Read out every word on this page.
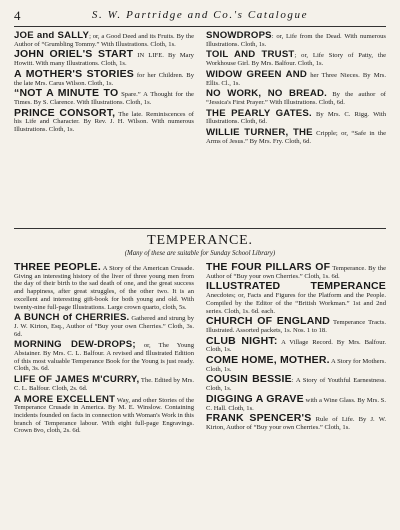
4	S. W. Partridge and Co.'s Catalogue
JOE and SALLY; or, a Good Deed and its Fruits. By the Author of “Grumbling Tommy.” With Illustrations. Cloth, 1s.
JOHN ORIEL'S START IN LIFE. By Mary Howitt. With many Illustrations. Cloth, 1s.
A MOTHER'S STORIES for her Children. By the late Mrs. Carus Wilson. Cloth, 1s.
“NOT A MINUTE TO Spare.” A Thought for the Times. By S. Clarence. With Illustrations. Cloth, 1s.
PRINCE CONSORT, The late. Reminiscences of his Life and Character. By Rev. J. H. Wilson. With numerous Illustrations. Cloth, 1s.
SNOWDROPS: or, Life from the Dead. With numerous Illustrations. Cloth, 1s.
TOIL AND TRUST; or, Life Story of Patty, the Workhouse Girl. By Mrs. Balfour. Cloth, 1s.
WIDOW GREEN AND her Three Nieces. By Mrs. Ellis. Cl., 1s.
NO WORK, NO BREAD. By the author of “Jessica's First Prayer.” With Illustrations. Cloth, 6d.
THE PEARLY GATES. By Mrs. C. Rigg. With Illustrations. Cloth, 6d.
WILLIE TURNER, THE Cripple; or, “Safe in the Arms of Jesus.” By Mrs. Fry. Cloth, 6d.
TEMPERANCE.
(Many of these are suitable for Sunday School Library)
THREE PEOPLE. A Story of the American Crusade. Giving an interesting history of the liver of three young men from the day of their birth to the sad death of one, and the great success and happiness, after great struggles, of the other two. It is an excellent and interesting gift-book for both young and old. With twenty-nine full-page Illustrations. Large crown quarto, cloth, 5s.
A BUNCH of CHERRIES. Gathered and strung by J. W. Kirton, Esq., Author of “Buy your own Cherries.” Cloth, 3s. 6d.
MORNING DEW-DROPS; or, The Young Abstainer. By Mrs. C. L. Balfour. A revised and Illustrated Edition of this most valuable Temperance Book for the Young is just ready. Cloth, 3s. 6d.
LIFE OF JAMES M'CURRY, The. Edited by Mrs. C. L. Balfour. Cloth, 2s. 6d.
A MORE EXCELLENT Way, and other Stories of the Temperance Crusade in America. By M. E. Winslow. Containing incidents founded on facts in connection with Woman's Work in this branch of Temperance labour. With eight full-page Engravings. Crown 8vo, cloth, 2s. 6d.
THE FOUR PILLARS OF Temperance. By the Author of “Buy your own Cherries.” Cloth, 1s. 6d.
ILLUSTRATED TEMPERANCE Anecdotes; or, Facts and Figures for the Platform and the People. Compiled by the Editor of the “British Workman.” 1st and 2nd series. Cloth, 1s. 6d. each.
CHURCH OF ENGLAND Temperance Tracts. Illustrated. Assorted packets, 1s. Nos. 1 to 18.
CLUB NIGHT: A Village Record. By Mrs. Balfour. Cloth, 1s.
COME HOME, MOTHER. A Story for Mothers. Cloth, 1s.
COUSIN BESSIE: A Story of Youthful Earnestness. Cloth, 1s.
DIGGING A GRAVE with a Wine Glass. By Mrs. S. C. Hall. Cloth, 1s.
FRANK SPENCER'S Rule of Life. By J. W. Kirton, Author of “Buy your own Cherries.” Cloth, 1s.
